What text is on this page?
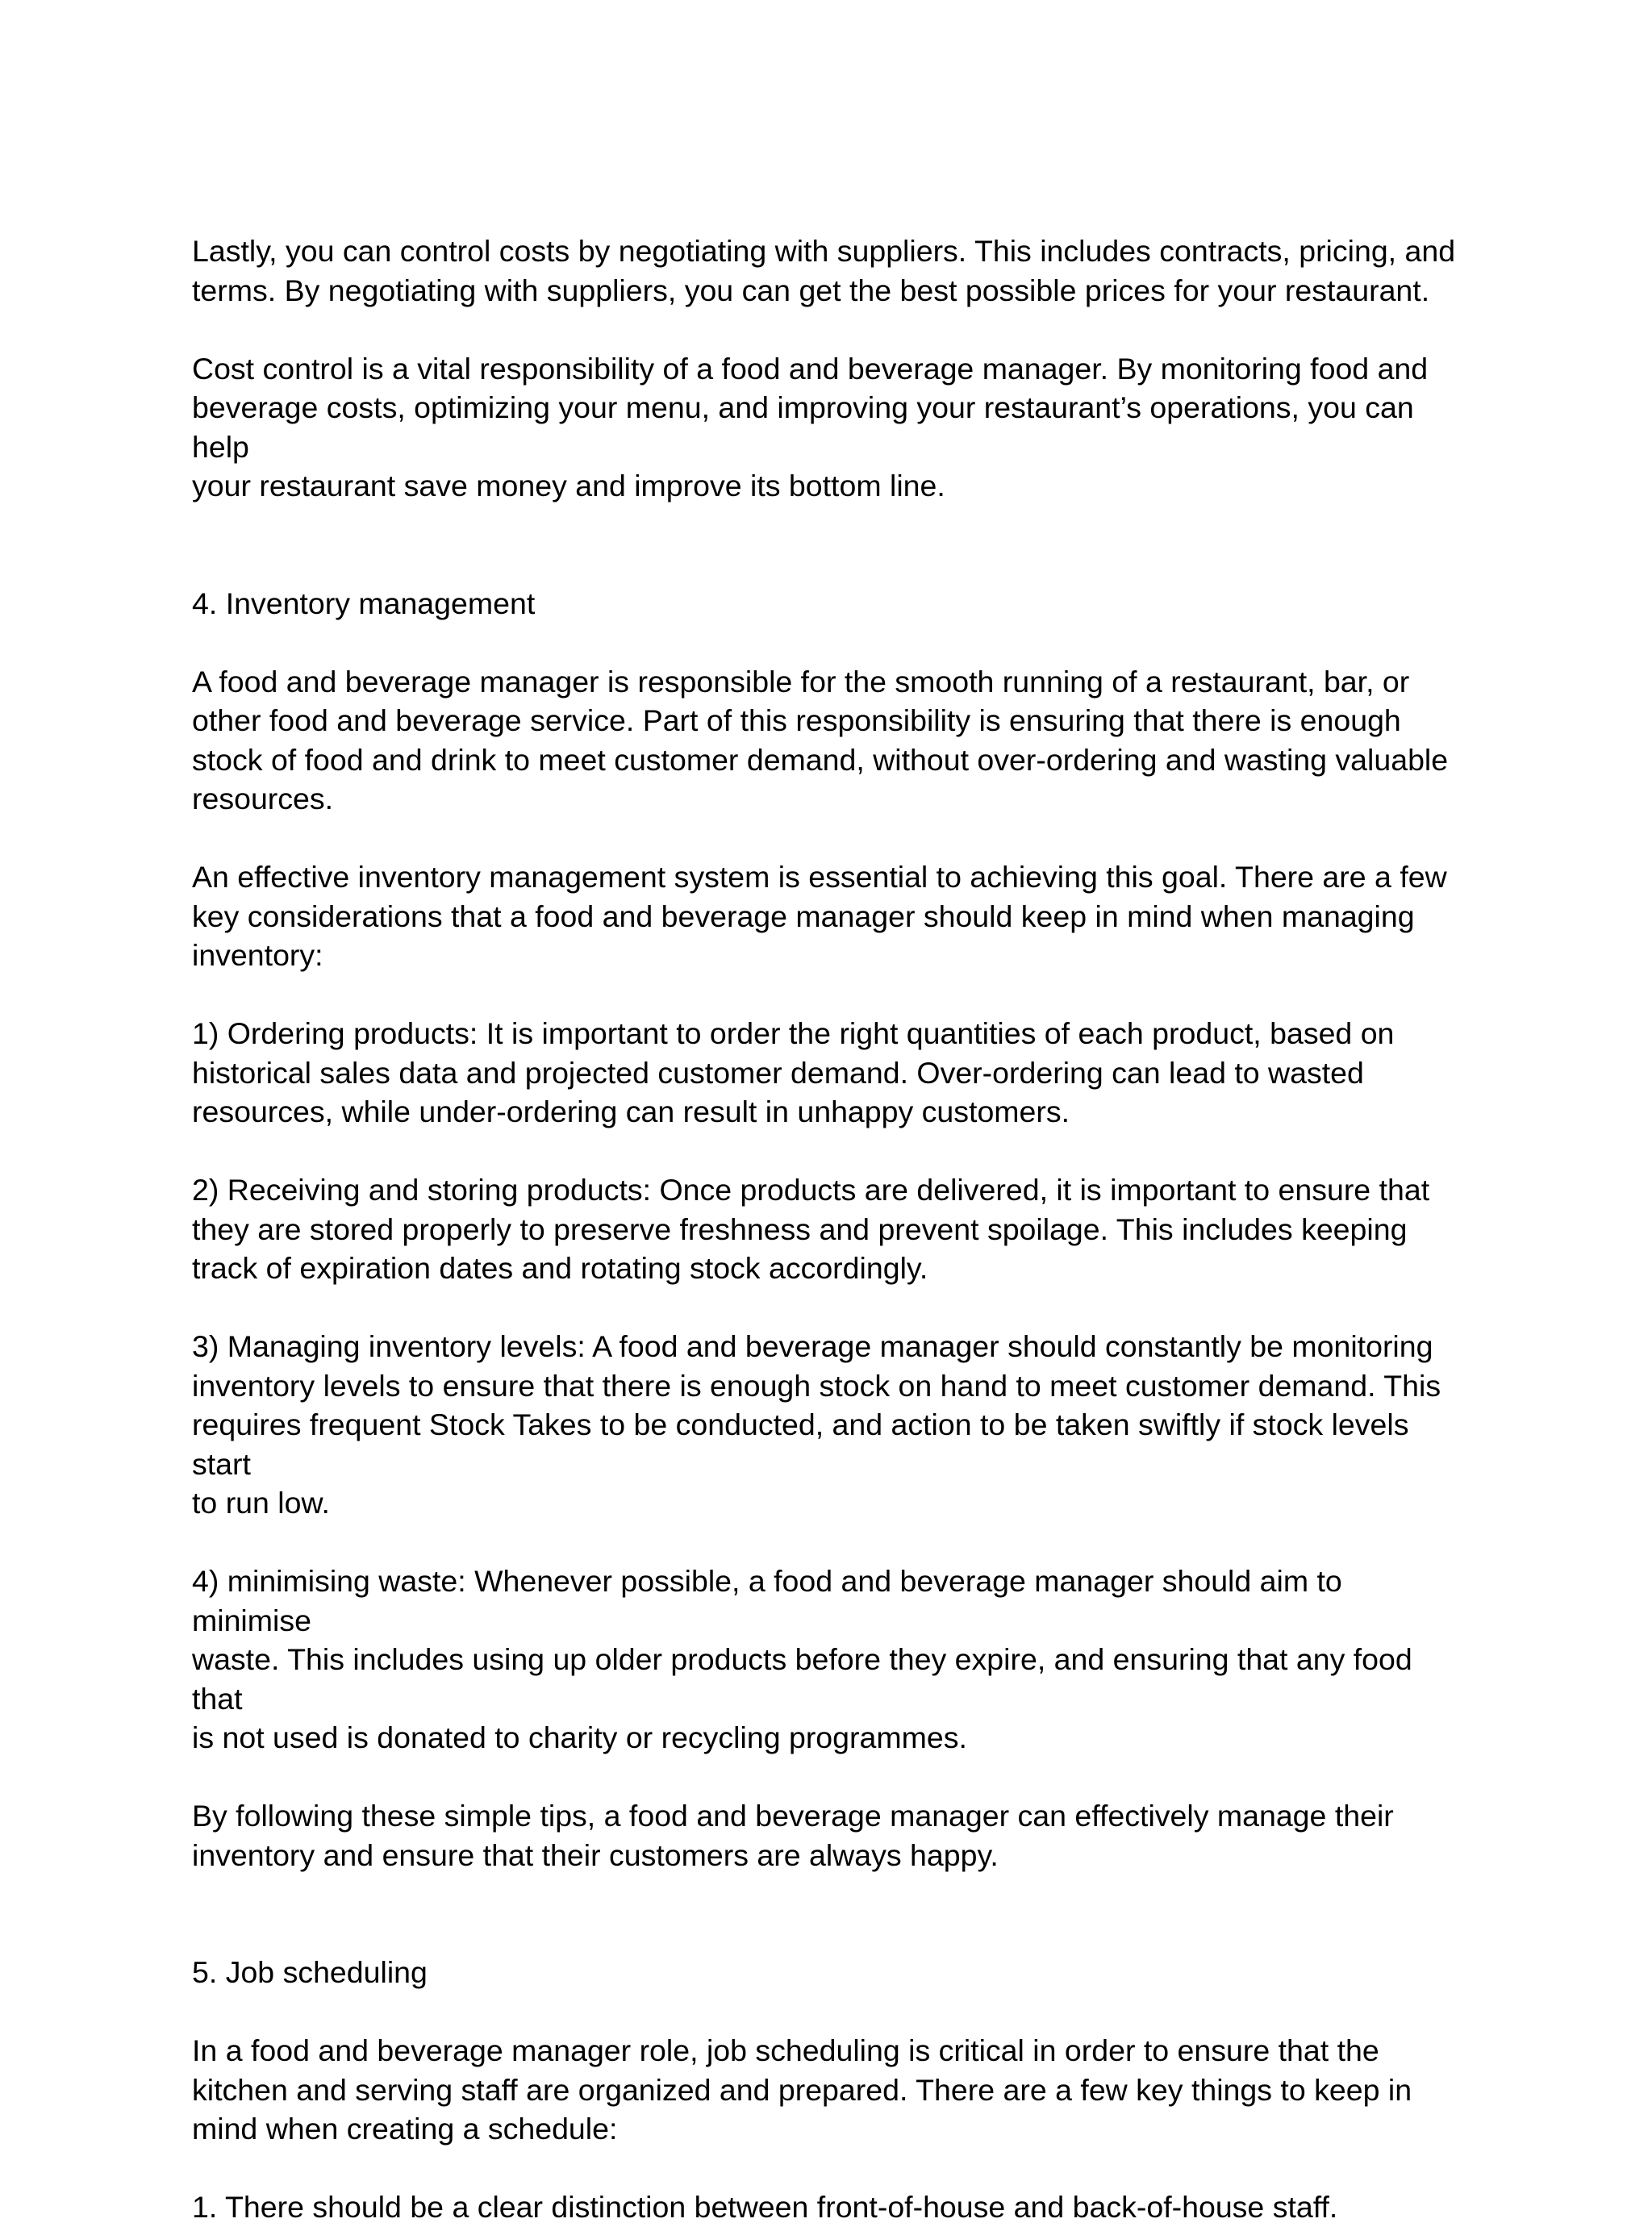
Lastly, you can control costs by negotiating with suppliers. This includes contracts, pricing, and
terms. By negotiating with suppliers, you can get the best possible prices for your restaurant.

Cost control is a vital responsibility of a food and beverage manager. By monitoring food and
beverage costs, optimizing your menu, and improving your restaurant’s operations, you can help
your restaurant save money and improve its bottom line.

4. Inventory management

A food and beverage manager is responsible for the smooth running of a restaurant, bar, or
other food and beverage service. Part of this responsibility is ensuring that there is enough
stock of food and drink to meet customer demand, without over-ordering and wasting valuable
resources.

An effective inventory management system is essential to achieving this goal. There are a few
key considerations that a food and beverage manager should keep in mind when managing
inventory:

1) Ordering products: It is important to order the right quantities of each product, based on
historical sales data and projected customer demand. Over-ordering can lead to wasted
resources, while under-ordering can result in unhappy customers.

2) Receiving and storing products: Once products are delivered, it is important to ensure that
they are stored properly to preserve freshness and prevent spoilage. This includes keeping
track of expiration dates and rotating stock accordingly.

3) Managing inventory levels: A food and beverage manager should constantly be monitoring
inventory levels to ensure that there is enough stock on hand to meet customer demand. This
requires frequent Stock Takes to be conducted, and action to be taken swiftly if stock levels start
to run low.

4) minimising waste: Whenever possible, a food and beverage manager should aim to minimise
waste. This includes using up older products before they expire, and ensuring that any food that
is not used is donated to charity or recycling programmes.

By following these simple tips, a food and beverage manager can effectively manage their
inventory and ensure that their customers are always happy.

5. Job scheduling

In a food and beverage manager role, job scheduling is critical in order to ensure that the
kitchen and serving staff are organized and prepared. There are a few key things to keep in
mind when creating a schedule:

1. There should be a clear distinction between front-of-house and back-of-house staff.
